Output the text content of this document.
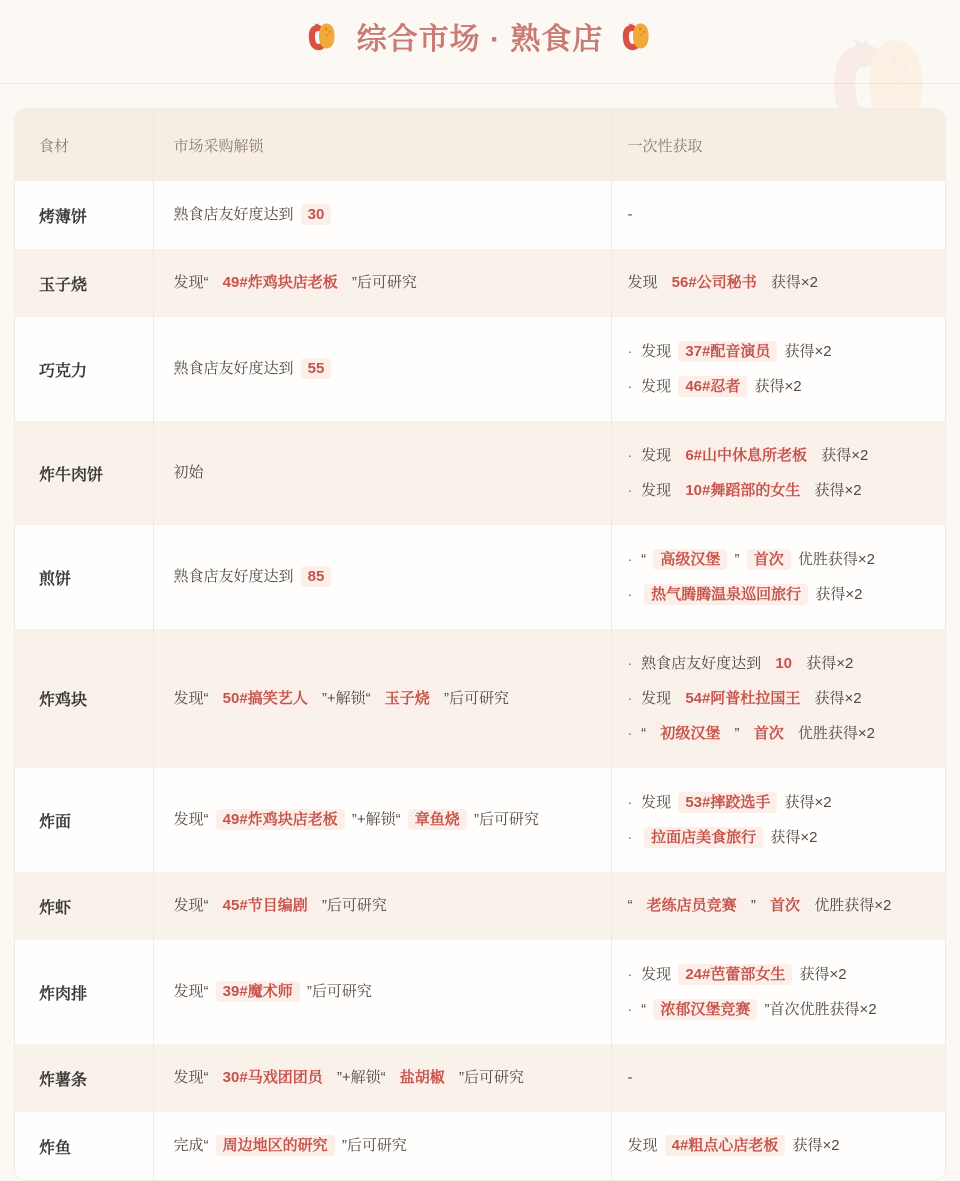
综合市场 · 熟食店
食材	市场采购解锁	一次性获取
烤薄饼	熟食店友好度达到 30	-

玉子烧	发现“ 49#炸鸡块店老板 ”后可研究	发现 56#公司秘书 获得×2

巧克力	熟食店友好度达到 55	· 发现 37#配音演员 获得×2
· 发现 46#忍者 获得×2

炸牛肉饼	初始	· 发现 6#山中休息所老板 获得×2
· 发现 10#舞蹈部的女生 获得×2

煎饼	熟食店友好度达到 85	· “ 高级汉堡 ” 首次 优胜获得×2
· 热气腾腾温泉巡回旅行 获得×2

炸鸡块	发现“ 50#搞笑艺人 ”+解锁“ 玉子烧 ”后可研究	· 熟食店友好度达到 10 获得×2
· 发现 54#阿普杜拉国王 获得×2
· “ 初级汉堡 ” 首次 优胜获得×2

炸面	发现“ 49#炸鸡块店老板 ”+解锁“ 章鱼烧 ”后可研究	· 发现 53#摔跤选手 获得×2
· 拉面店美食旅行 获得×2

炸虾	发现“ 45#节目编剧 ”后可研究	“ 老练店员竞赛 ” 首次 优胜获得×2

炸肉排	发现“ 39#魔术师 ”后可研究	· 发现 24#芭蕾部女生 获得×2
· “ 浓郁汉堡竞赛 ”首次优胜获得×2

炸薯条	发现“ 30#马戏团团员 ”+解锁“ 盐胡椒 ”后可研究	-

炸鱼	完成“ 周边地区的研究 ”后可研究	发现 4#粗点心店老板 获得×2
